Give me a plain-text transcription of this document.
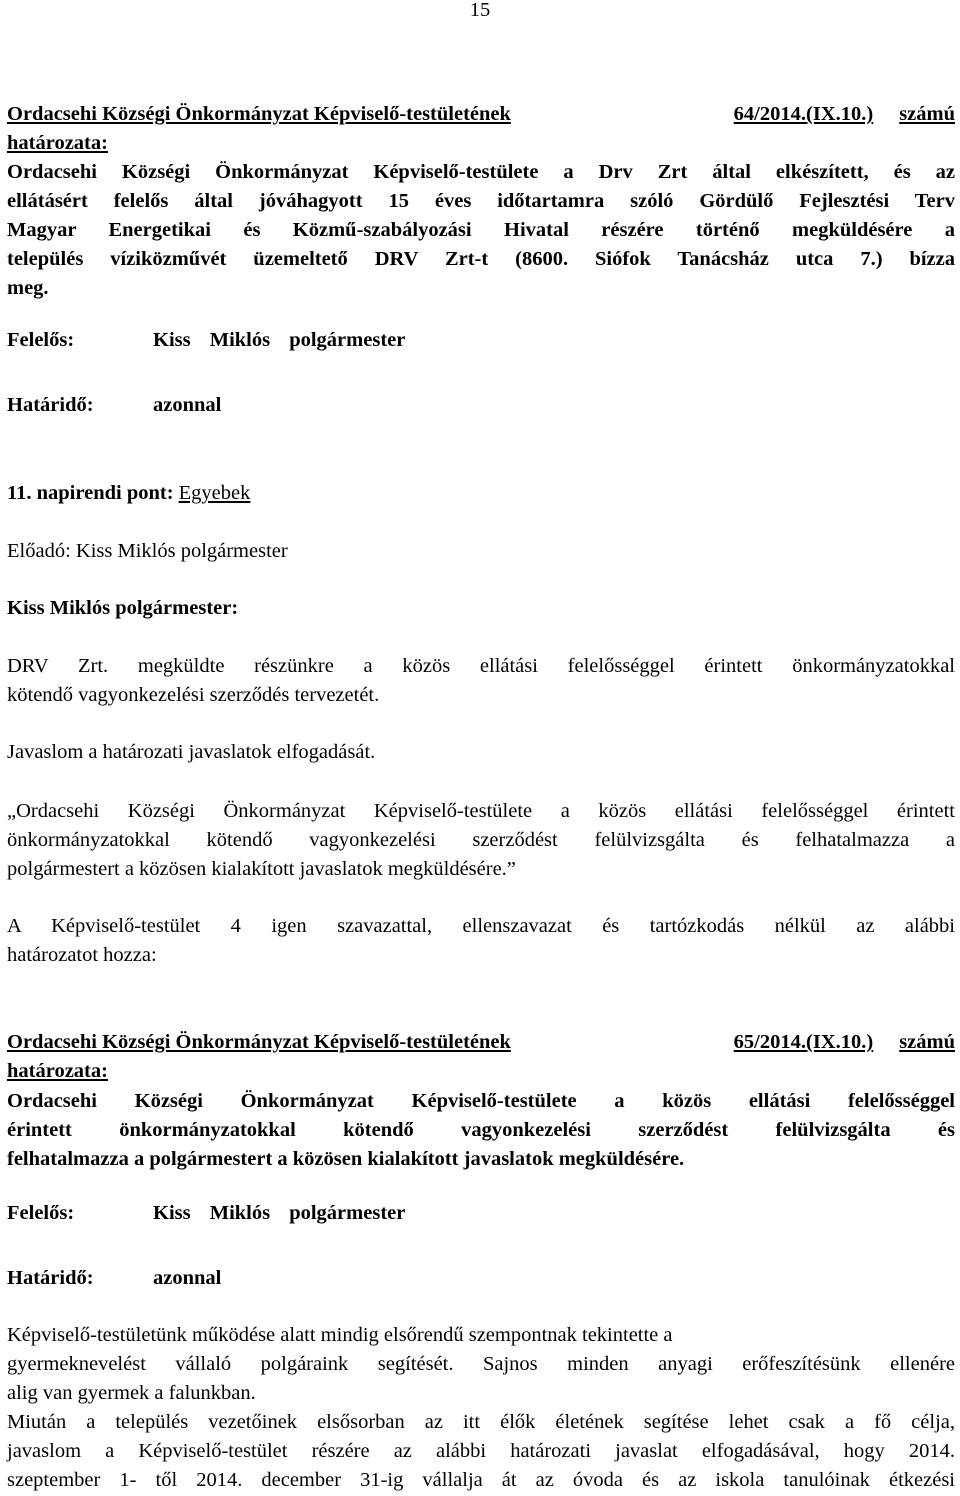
15
Ordacsehi Községi Önkormányzat Képviselő-testületének	64/2014.(IX.10.) számú
határozata:
Ordacsehi Községi Önkormányzat Képviselő-testülete a Drv Zrt által elkészített, és az
ellátásért felelős által jóváhagyott 15 éves időtartamra szóló Gördülő Fejlesztési Terv
Magyar Energetikai és Közmű-szabályozási Hivatal részére történő megküldésére a
település víziközművét üzemeltető DRV Zrt-t (8600. Siófok Tanácsház utca 7.) bízza
meg.
Felelős:	Kiss Miklós polgármester
Határidő:	azonnal
11. napirendi pont: Egyebek
Előadó: Kiss Miklós polgármester
Kiss Miklós polgármester:
DRV Zrt. megküldte részünkre a közös ellátási felelősséggel érintett önkormányzatokkal
kötendő vagyonkezelési szerződés tervezetét.
Javaslom a határozati javaslatok elfogadását.
„Ordacsehi Községi Önkormányzat Képviselő-testülete a közös ellátási felelősséggel érintett
önkormányzatokkal kötendő vagyonkezelési szerződést felülvizsgálta és felhatalmazza a
polgármestert a közösen kialakított javaslatok megküldésére.”
A Képviselő-testület 4 igen szavazattal, ellenszavazat és tartózkodás nélkül az alábbi
határozatot hozza:
Ordacsehi Községi Önkormányzat Képviselő-testületének	65/2014.(IX.10.) számú
határozata:
Ordacsehi Községi Önkormányzat Képviselő-testülete a közös ellátási felelősséggel
érintett önkormányzatokkal kötendő vagyonkezelési szerződést felülvizsgálta és
felhatalmazza a polgármestert a közösen kialakított javaslatok megküldésére.
Felelős:	Kiss Miklós polgármester
Határidő:	azonnal
Képviselő-testületünk működése alatt mindig elsőrendű szempontnak tekintette a
gyermeknevelést vállaló polgáraink segítését. Sajnos minden anyagi erőfeszítésünk ellenére
alig van gyermek a falunkban.
Miután a település vezetőinek elsősorban az itt élők életének segítése lehet csak a fő célja,
javaslom a Képviselő-testület részére az alábbi határozati javaslat elfogadásával, hogy 2014.
szeptember 1- től 2014. december 31-ig vállalja át az óvoda és az iskola tanulóinak étkezési
